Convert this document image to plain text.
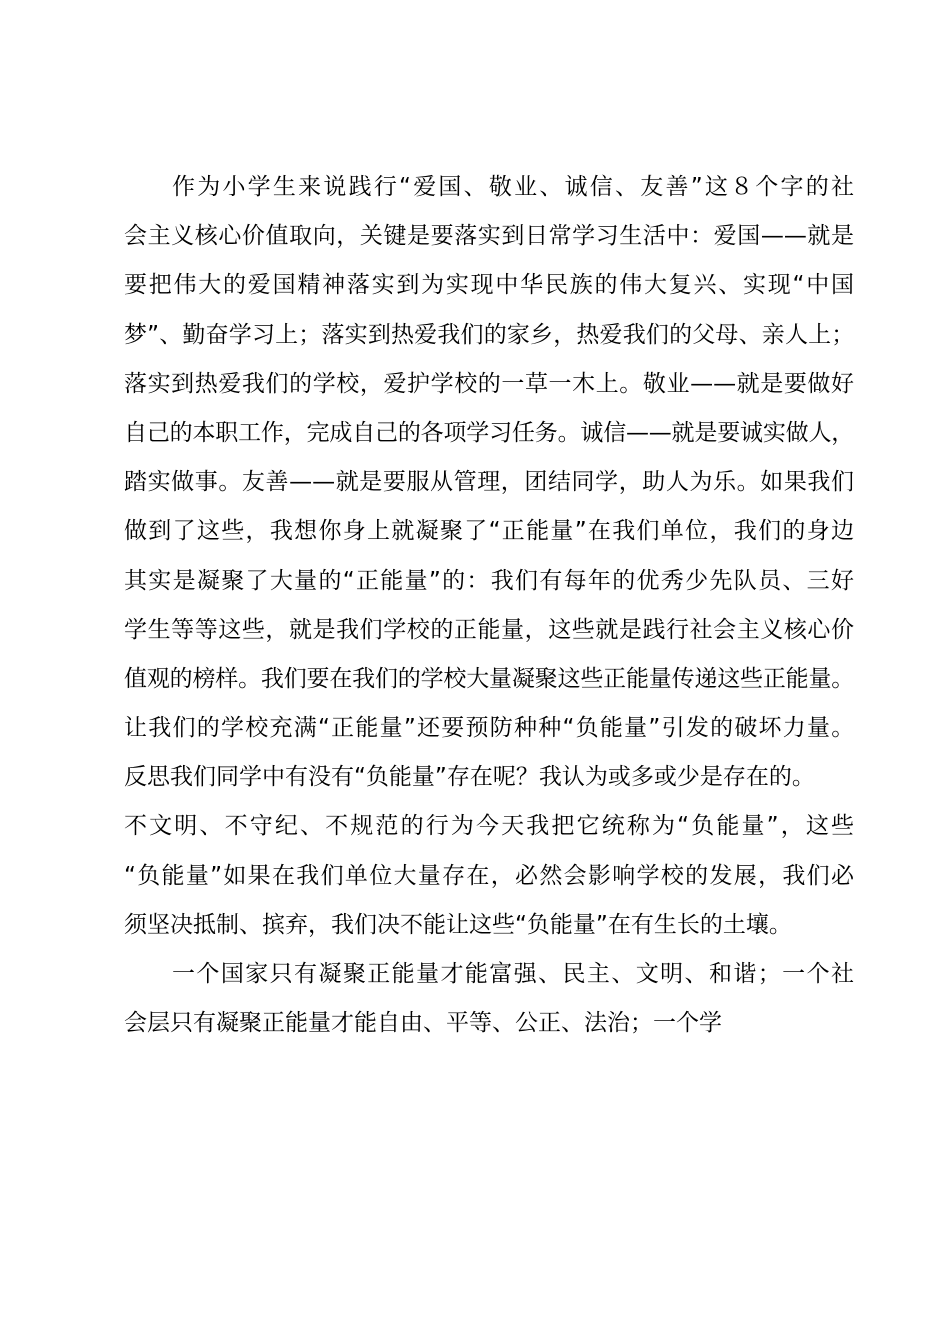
作为小学生来说践行“爱国、敬业、诚信、友善”这８个字的社
会主义核心价值取向，关键是要落实到日常学习生活中：爱国——就是
要把伟大的爱国精神落实到为实现中华民族的伟大复兴、实现“中国
梦”、勤奋学习上；落实到热爱我们的家乡，热爱我们的父母、亲人上；
落实到热爱我们的学校，爱护学校的一草一木上。敬业——就是要做好
自己的本职工作，完成自己的各项学习任务。诚信——就是要诚实做人，
踏实做事。友善——就是要服从管理，团结同学，助人为乐。如果我们
做到了这些，我想你身上就凝聚了“正能量”在我们单位，我们的身边
其实是凝聚了大量的“正能量”的：我们有每年的优秀少先队员、三好
学生等等这些，就是我们学校的正能量，这些就是践行社会主义核心价
值观的榜样。我们要在我们的学校大量凝聚这些正能量传递这些正能量。
让我们的学校充满“正能量”还要预防种种“负能量”引发的破坏力量。
反思我们同学中有没有“负能量”存在呢？我认为或多或少是存在的。
不文明、不守纪、不规范的行为今天我把它统称为“负能量”，这些
“负能量”如果在我们单位大量存在，必然会影响学校的发展，我们必
须坚决抵制、摈弃，我们决不能让这些“负能量”在有生长的土壤。
一个国家只有凝聚正能量才能富强、民主、文明、和谐；一个社
会层只有凝聚正能量才能自由、平等、公正、法治；一个学
